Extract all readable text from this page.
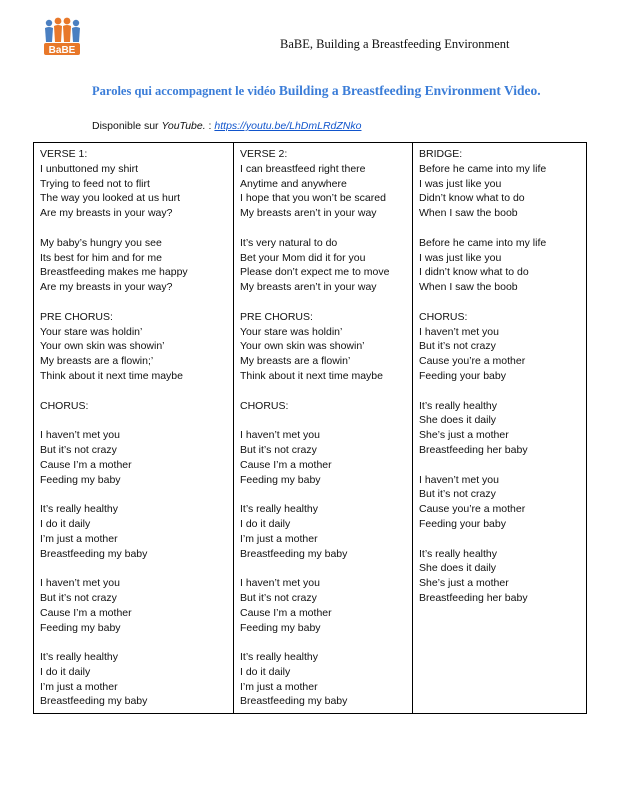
BaBE	BaBE, Building a Breastfeeding Environment
Paroles qui accompagnent le vidéo Building a Breastfeeding Environment Video.
Disponible sur YouTube. : https://youtu.be/LhDmLRdZNko
VERSE 1:
I unbuttoned my shirt
Trying to feed not to flirt
The way you looked at us hurt
Are my breasts in your way?
My baby’s hungry you see
Its best for him and for me
Breastfeeding makes me happy
Are my breasts in your way?
PRE CHORUS:
Your stare was holdin’
Your own skin was showin’
My breasts are a flowin;’
Think about it next time maybe
CHORUS:
I haven’t met you
But it’s not crazy
Cause I’m a mother
Feeding my baby
It’s really healthy
I do it daily
I’m just a mother
Breastfeeding my baby
I haven’t met you
But it’s not crazy
Cause I’m a mother
Feeding my baby
It’s really healthy
I do it daily
I’m just a mother
Breastfeeding my baby

VERSE 2:
I can breastfeed right there
Anytime and anywhere
I hope that you won’t be scared
My breasts aren’t in your way
It’s very natural to do
Bet your Mom did it for you
Please don’t expect me to move
My breasts aren’t in your way
PRE CHORUS:
Your stare was holdin’
Your own skin was showin’
My breasts are a flowin’
Think about it next time maybe
CHORUS:
I haven’t met you
But it’s not crazy
Cause I’m a mother
Feeding my baby
It’s really healthy
I do it daily
I’m just a mother
Breastfeeding my baby
I haven’t met you
But it’s not crazy
Cause I’m a mother
Feeding my baby
It’s really healthy
I do it daily
I’m just a mother
Breastfeeding my baby

BRIDGE:
Before he came into my life
I was just like you
Didn’t know what to do
When I saw the boob
Before he came into my life
I was just like you
I didn’t know what to do
When I saw the boob
CHORUS:
I haven’t met you
But it’s not crazy
Cause you’re a mother
Feeding your baby
It’s really healthy
She does it daily
She’s just a mother
Breastfeeding her baby
I haven’t met you
But it’s not crazy
Cause you’re a mother
Feeding your baby
It’s really healthy
She does it daily
She’s just a mother
Breastfeeding her baby
